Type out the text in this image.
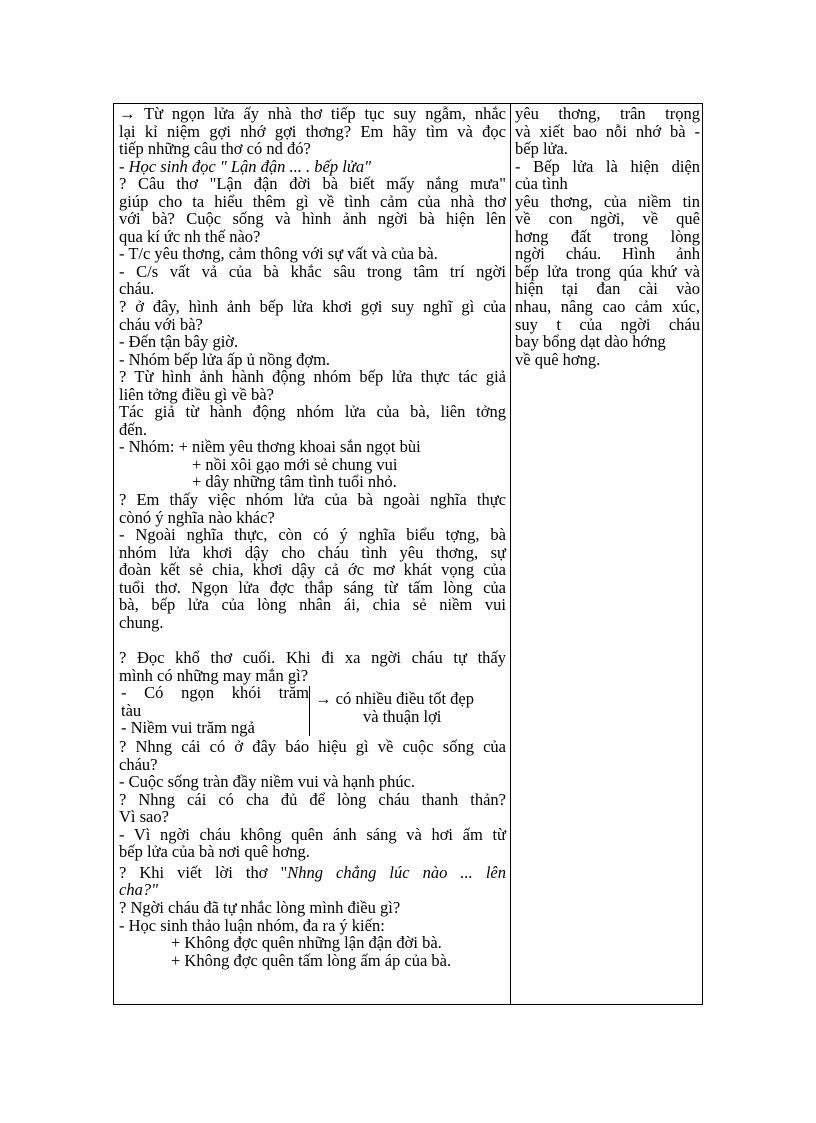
→ Từ ngọn lửa ấy nhà thơ tiếp tục suy ngẫm, nhắc
lại kỉ niệm gợi nhớ gợi thơng? Em hãy tìm và đọc
tiếp những câu thơ có nd đó?
- Học sinh đọc " Lận đận ... . bếp lửa"
? Câu thơ "Lận đận đời bà biết mấy nắng mưa"
giúp cho ta hiểu thêm gì về tình cảm của nhà thơ
với bà? Cuộc sống và hình ảnh ngời bà hiện lên
qua kí ức nh thế nào?
- T/c yêu thơng, cảm thông với sự vất và của bà.
- C/s vất vả của bà khắc sâu trong tâm trí ngời
cháu.
? ở đây, hình ảnh bếp lửa khơi gợi suy nghĩ gì của
cháu với bà?
- Đến tận bây giờ.
- Nhóm bếp lửa ấp ủ nồng đợm.
? Từ hình ảnh hành động nhóm bếp lửa thực tác giả
liên tởng điều gì về bà?
Tác giả từ hành động nhóm lửa của bà, liên tởng
đến.
- Nhóm: + niềm yêu thơng khoai sắn ngọt bùi
+ nồi xôi gạo mới sẻ chung vui
+ dây những tâm tình tuổi nhỏ.
? Em thấy việc nhóm lửa của bà ngoài nghĩa thực
cònó ý nghĩa nào khác?
- Ngoài nghĩa thực, còn có ý nghĩa biểu tợng, bà
nhóm lửa khơi dậy cho cháu tình yêu thơng, sự
đoàn kết sẻ chia, khơi dậy cả ớc mơ khát vọng của
tuổi thơ. Ngọn lửa đợc thắp sáng từ tấm lòng của
bà, bếp lửa của lòng nhân ái, chia sẻ niềm vui
chung.
? Đọc khổ thơ cuối. Khi đi xa ngời cháu tự thấy
mình có những may mắn gì?
- Có ngọn khói trăm
tàu
- Niềm vui trăm ngả
→ có nhiều điều tốt đẹp
và thuận lợi
? Nhng cái có ở đây báo hiệu gì về cuộc sống của
cháu?
- Cuộc sống tràn đầy niềm vui và hạnh phúc.
? Nhng cái có cha đủ để lòng cháu thanh thản?
Vì sao?
- Vì ngời cháu không quên ánh sáng và hơi ấm từ
bếp lửa của bà nơi quê hơng.
? Khi viết lời thơ "Nhng chẳng lúc nào ... lên
cha?"
? Ngời cháu đã tự nhắc lòng mình điều gì?
- Học sinh thảo luận nhóm, đa ra ý kiến:
+ Không đợc quên những lận đận đời bà.
+ Không đợc quên tấm lòng ấm áp của bà.
yêu thơng, trân trọng
và xiết bao nỗi nhớ bà -
bếp lửa.
- Bếp lửa là hiện diện
của tình
yêu thơng, của niềm tin
về con ngời, về quê
hơng đất trong lòng
ngời cháu. Hình ảnh
bếp lửa trong qúa khứ và
hiện tại đan cài vào
nhau, nâng cao cảm xúc,
suy t của ngời cháu
bay bổng dạt dào hớng
về quê hơng.
